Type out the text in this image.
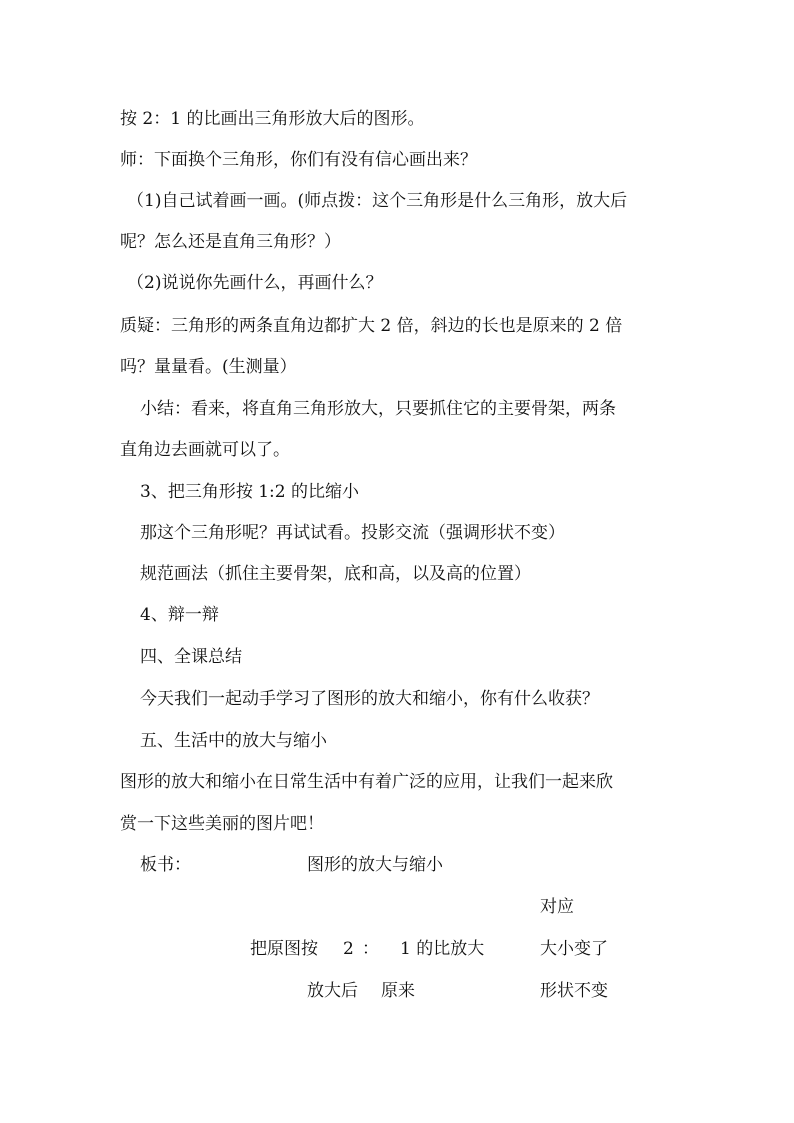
按 2：1 的比画出三角形放大后的图形。
师：下面换个三角形，你们有没有信心画出来？
（1)自己试着画一画。(师点拨：这个三角形是什么三角形，放大后
呢？怎么还是直角三角形？）
（2)说说你先画什么，再画什么？
质疑：三角形的两条直角边都扩大 2 倍，斜边的长也是原来的 2 倍
吗？量量看。(生测量）
小结：看来，将直角三角形放大，只要抓住它的主要骨架，两条
直角边去画就可以了。
3、把三角形按 1:2 的比缩小
那这个三角形呢？再试试看。投影交流（强调形状不变）
规范画法（抓住主要骨架，底和高，以及高的位置）
4、辩一辩
四、全课总结
今天我们一起动手学习了图形的放大和缩小，你有什么收获？
五、生活中的放大与缩小
图形的放大和缩小在日常生活中有着广泛的应用，让我们一起来欣
赏一下这些美丽的图片吧！
板书：	图形的放大与缩小
对应
把原图按 2 ： 1 的比放大	大小变了
放大后 原来	形状不变
